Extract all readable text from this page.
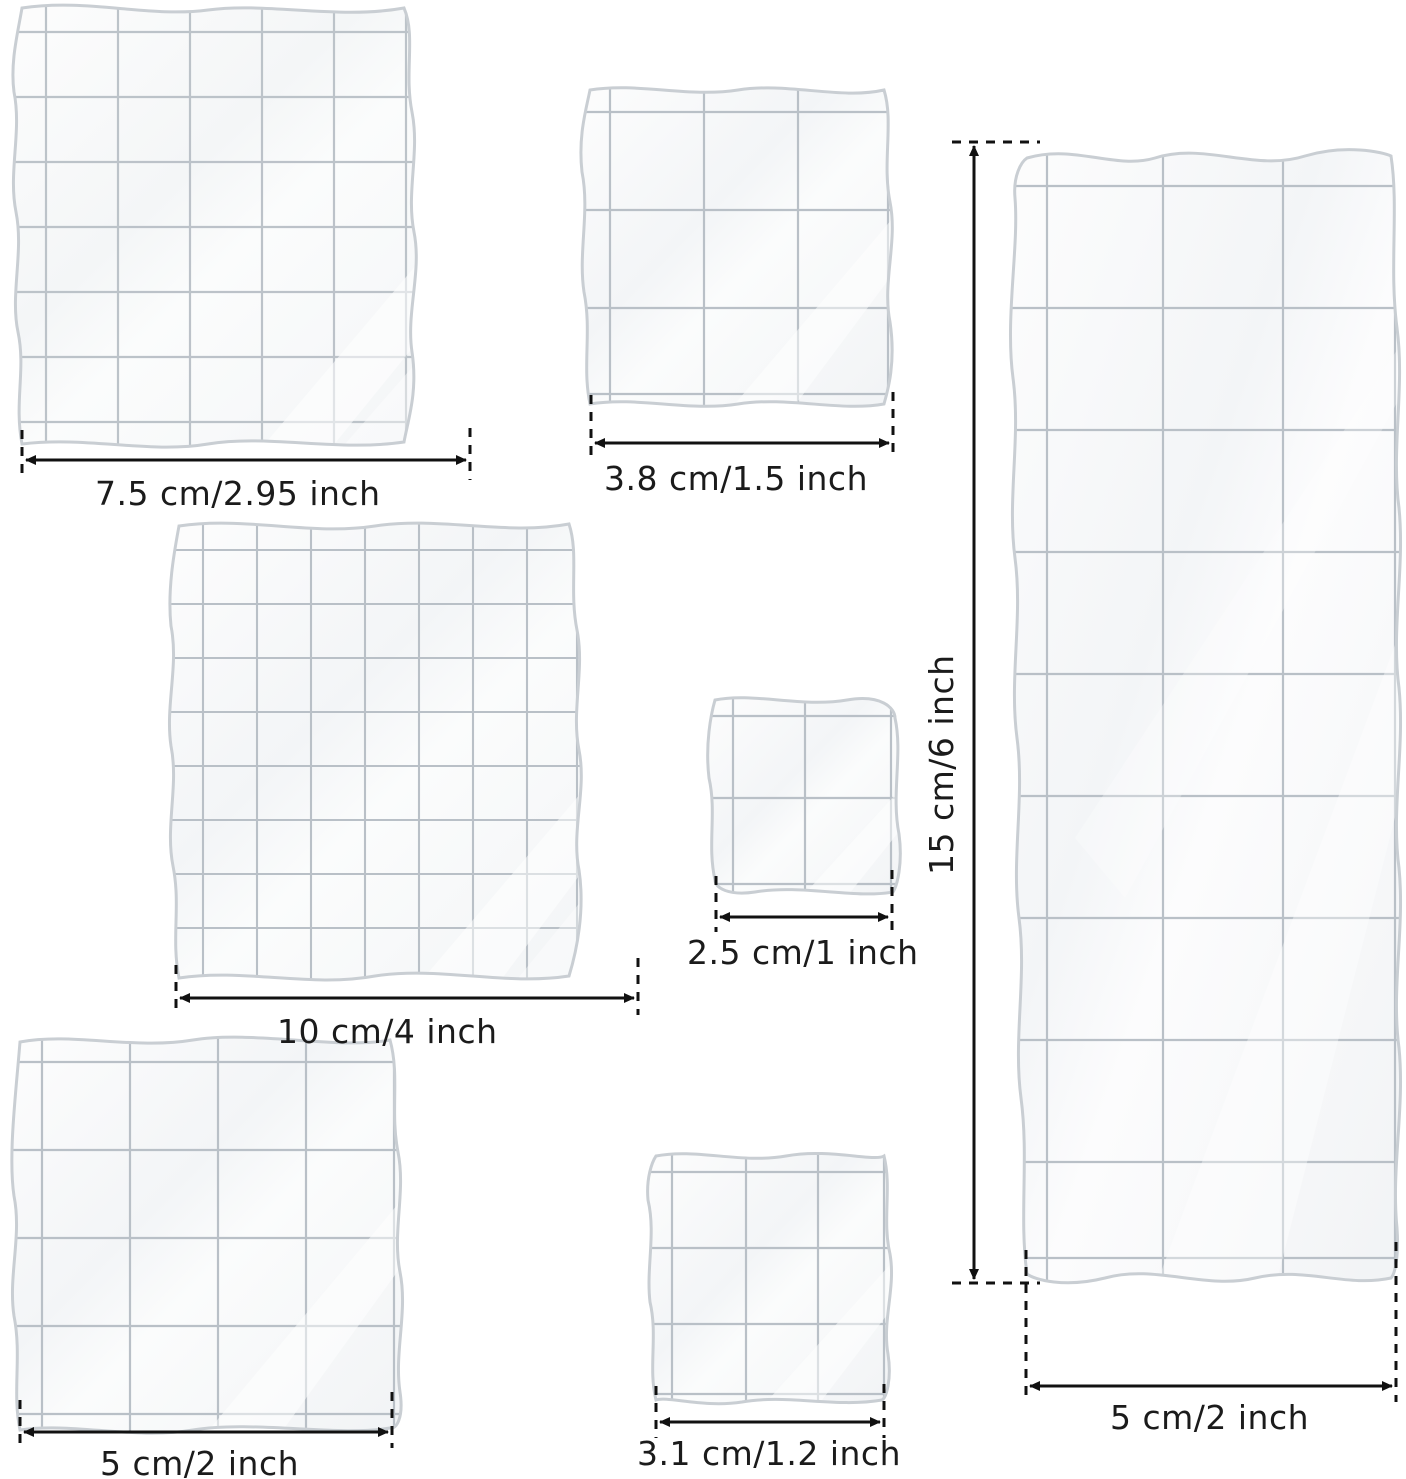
7.5 cm/2.95 inch	3.8 cm/1.5 inch
10 cm/4 inch
2.5 cm/1 inch
5 cm/2 inch	3.1 cm/1.2 inch
15 cm/6 inch
5 cm/2 inch
